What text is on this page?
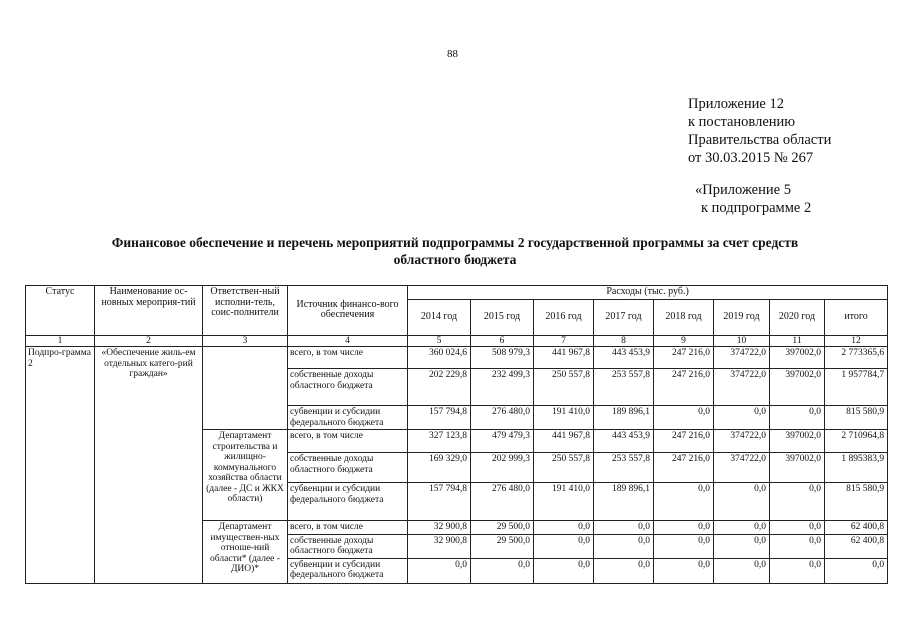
88
Приложение 12
к постановлению
Правительства области
от 30.03.2015 № 267
«Приложение 5
к подпрограмме 2
Финансовое обеспечение и перечень мероприятий подпрограммы 2 государственной программы за счет средств
областного бюджета
Статус	Наименование ос-новных мероприя-тий	Ответствен-ный исполни-тель, соис-полнители	Источник финансо-вого обеспечения	Расходы (тыс. руб.)							
				2014 год	2015 год	2016 год	2017 год	2018 год	2019 год	2020 год	итого
1	2	3	4	5	6	7	8	9	10	11	12
Подпро-грамма 2	«Обеспечение жиль-ем отдельных катего-рий граждан»		всего, в том числе	360 024,6	508 979,3	441 967,8	443 453,9	247 216,0	374722,0	397002,0	2 773365,6
			собственные доходы областного бюджета	202 229,8	232 499,3	250 557,8	253 557,8	247 216,0	374722,0	397002,0	1 957784,7
			субвенции и субсидии федерального бюджета	157 794,8	276 480,0	191 410,0	189 896,1	0,0	0,0	0,0	815 580,9
		Департамент строительства и жилищно-коммунального хозяйства области (далее - ДС и ЖКХ области)	всего, в том числе	327 123,8	479 479,3	441 967,8	443 453,9	247 216,0	374722,0	397002,0	2 710964,8
			собственные доходы областного бюджета	169 329,0	202 999,3	250 557,8	253 557,8	247 216,0	374722,0	397002,0	1 895383,9
			субвенции и субсидии федерального бюджета	157 794,8	276 480,0	191 410,0	189 896,1	0,0	0,0	0,0	815 580,9
		Департамент имуществен-ных отноше-ний области* (далее - ДИО)*	всего, в том числе	32 900,8	29 500,0	0,0	0,0	0,0	0,0	0,0	62 400,8
			собственные доходы областного бюджета	32 900,8	29 500,0	0,0	0,0	0,0	0,0	0,0	62 400,8
			субвенции и субсидии федерального бюджета	0,0	0,0	0,0	0,0	0,0	0,0	0,0	0,0
